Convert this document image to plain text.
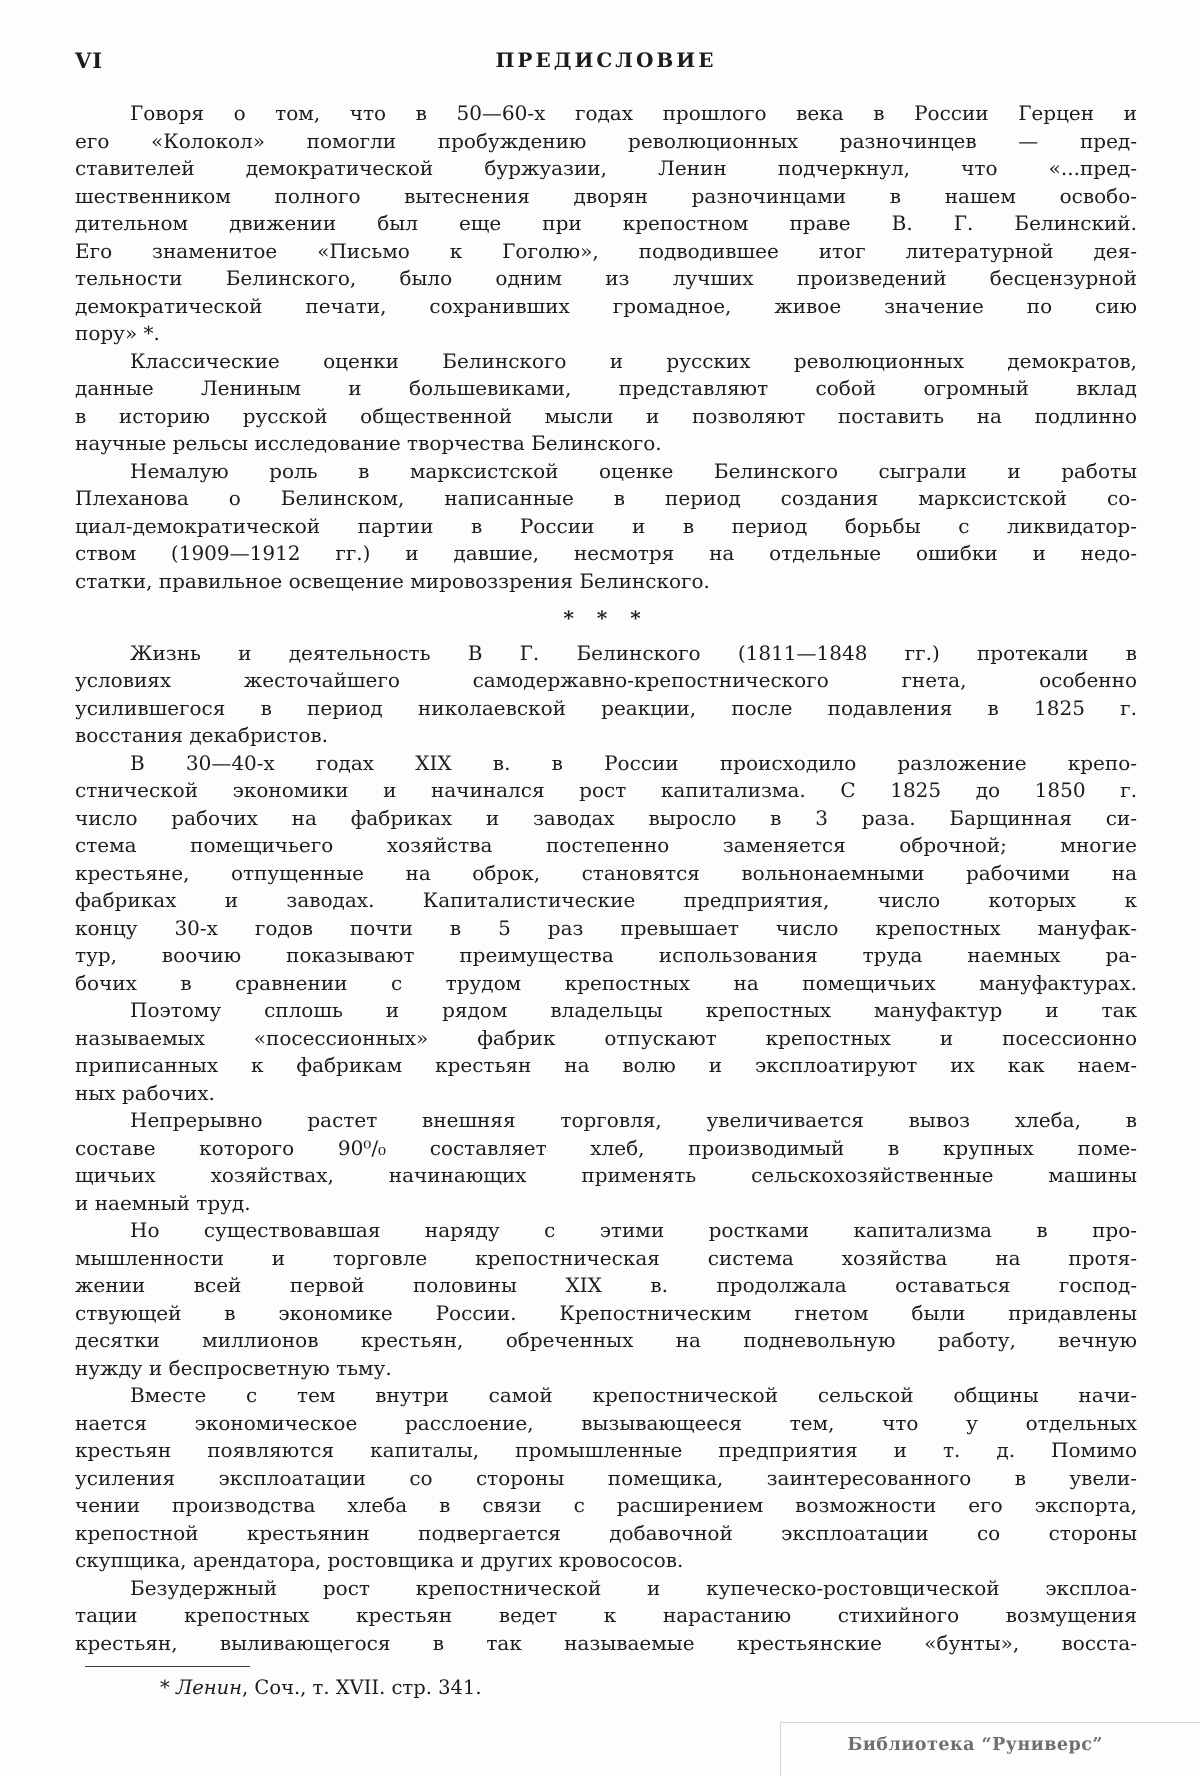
VI	ПРЕДИСЛОВИЕ
Говоря о том, что в 50—60-х годах прошлого века в России Герцен и
его «Колокол» помогли пробуждению революционных разночинцев — пред-
ставителей демократической буржуазии, Ленин подчеркнул, что «...пред-
шественником полного вытеснения дворян разночинцами в нашем освобо-
дительном движении был еще при крепостном праве В. Г. Белинский.
Его знаменитое «Письмо к Гоголю», подводившее итог литературной дея-
тельности Белинского, было одним из лучших произведений бесцензурной
демократической печати, сохранивших громадное, живое значение по сию
пору» *.
Классические оценки Белинского и русских революционных демократов,
данные Лениным и большевиками, представляют собой огромный вклад
в историю русской общественной мысли и позволяют поставить на подлинно
научные рельсы исследование творчества Белинского.
Немалую роль в марксистской оценке Белинского сыграли и работы
Плеханова о Белинском, написанные в период создания марксистской со-
циал-демократической партии в России и в период борьбы с ликвидатор-
ством (1909—1912 гг.) и давшие, несмотря на отдельные ошибки и недо-
статки, правильное освещение мировоззрения Белинского.
* * *
Жизнь и деятельность В Г. Белинского (1811—1848 гг.) протекали в
условиях жесточайшего самодержавно-крепостнического гнета, особенно
усилившегося в период николаевской реакции, после подавления в 1825 г.
восстания декабристов.
В 30—40-х годах XIX в. в России происходило разложение крепо-
стнической экономики и начинался рост капитализма. С 1825 до 1850 г.
число рабочих на фабриках и заводах выросло в 3 раза. Барщинная си-
стема помещичьего хозяйства постепенно заменяется оброчной; многие
крестьяне, отпущенные на оброк, становятся вольнонаемными рабочими на
фабриках и заводах. Капиталистические предприятия, число которых к
концу 30-х годов почти в 5 раз превышает число крепостных мануфак-
тур, воочию показывают преимущества использования труда наемных ра-
бочих в сравнении с трудом крепостных на помещичьих мануфактурах.
Поэтому сплошь и рядом владельцы крепостных мануфактур и так
называемых «посессионных» фабрик отпускают крепостных и посессионно
приписанных к фабрикам крестьян на волю и эксплоатируют их как наем-
ных рабочих.
Непрерывно растет внешняя торговля, увеличивается вывоз хлеба, в
составе которого 90⁰/₀ составляет хлеб, производимый в крупных поме-
щичьих хозяйствах, начинающих применять сельскохозяйственные машины
и наемный труд.
Но существовавшая наряду с этими ростками капитализма в про-
мышленности и торговле крепостническая система хозяйства на протя-
жении всей первой половины XIX в. продолжала оставаться господ-
ствующей в экономике России. Крепостническим гнетом были придавлены
десятки миллионов крестьян, обреченных на подневольную работу, вечную
нужду и беспросветную тьму.
Вместе с тем внутри самой крепостнической сельской общины начи-
нается экономическое расслоение, вызывающееся тем, что у отдельных
крестьян появляются капиталы, промышленные предприятия и т. д. Помимо
усиления эксплоатации со стороны помещика, заинтересованного в увели-
чении производства хлеба в связи с расширением возможности его экспорта,
крепостной крестьянин подвергается добавочной эксплоатации со стороны
скупщика, арендатора, ростовщика и других кровососов.
Безудержный рост крепостнической и купеческо-ростовщической эксплоа-
тации крепостных крестьян ведет к нарастанию стихийного возмущения
крестьян, выливающегося в так называемые крестьянские «бунты», восста-
* Ленин, Соч., т. XVII. стр. 341.
Библиотека “Руниверс”
